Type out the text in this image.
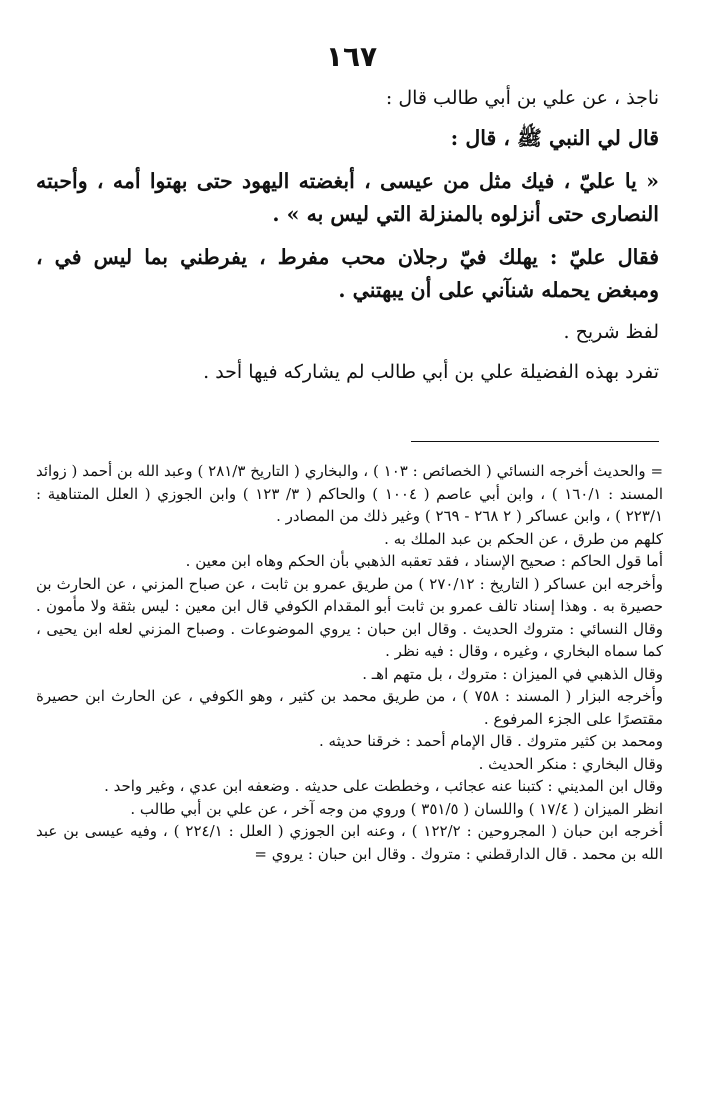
١٦٧

ناجذ ، عن علي بن أبي طالب قال :

قال لي النبي ﷺ ، قال :

« يا عليّ ، فيك مثل من عيسى ، أبغضته اليهود حتى بهتوا أمه ، وأحبته النصارى حتى أنزلوه بالمنزلة التي ليس به » .

فقال عليّ : يهلك فيّ رجلان محب مفرط ، يفرطني بما ليس في ، ومبغض يحمله شنآني على أن يبهتني .

لفظ شريح .

تفرد بهذه الفضيلة علي بن أبي طالب لم يشاركه فيها أحد .

= والحديث أخرجه النسائي ( الخصائص : ١٠٣ ) ، والبخاري ( التاريخ ٢٨١/٣ ) وعبد الله بن أحمد ( زوائد المسند : ١٦٠/١ ) ، وابن أبي عاصم ( ١٠٠٤ ) والحاكم ( ٣/ ١٢٣ ) وابن الجوزي ( العلل المتناهية : ٢٢٣/١ ) ، وابن عساكر ( ٢ ٢٦٨ - ٢٦٩ ) وغير ذلك من المصادر .

كلهم من طرق ، عن الحكم بن عبد الملك به .

أما قول الحاكم : صحيح الإسناد ، فقد تعقبه الذهبي بأن الحكم وهاه ابن معين .

وأخرجه ابن عساكر ( التاريخ : ٢٧٠/١٢ ) من طريق عمرو بن ثابت ، عن صباح المزني ، عن الحارث بن حصيرة به . وهذا إسناد تالف عمرو بن ثابت أبو المقدام الكوفي قال ابن معين : ليس بثقة ولا مأمون . وقال النسائي : متروك الحديث . وقال ابن حبان : يروي الموضوعات . وصباح المزني لعله ابن يحيى ، كما سماه البخاري ، وغيره ، وقال : فيه نظر .

وقال الذهبي في الميزان : متروك ، بل متهم اهـ .

وأخرجه البزار ( المسند : ٧٥٨ ) ، من طريق محمد بن كثير ، وهو الكوفي ، عن الحارث ابن حصيرة مقتصرًا على الجزء المرفوع .

ومحمد بن كثير متروك . قال الإمام أحمد : خرقنا حديثه .

وقال البخاري : منكر الحديث .

وقال ابن المديني : كتبنا عنه عجائب ، وخططت على حديثه . وضعفه ابن عدي ، وغير واحد .

انظر الميزان ( ١٧/٤ ) واللسان ( ٣٥١/٥ ) وروي من وجه آخر ، عن علي بن أبي طالب .

أخرجه ابن حبان ( المجروحين : ١٢٢/٢ ) ، وعنه ابن الجوزي ( العلل : ٢٢٤/١ ) ، وفيه عيسى بن عبد الله بن محمد . قال الدارقطني : متروك . وقال ابن حبان : يروي =
